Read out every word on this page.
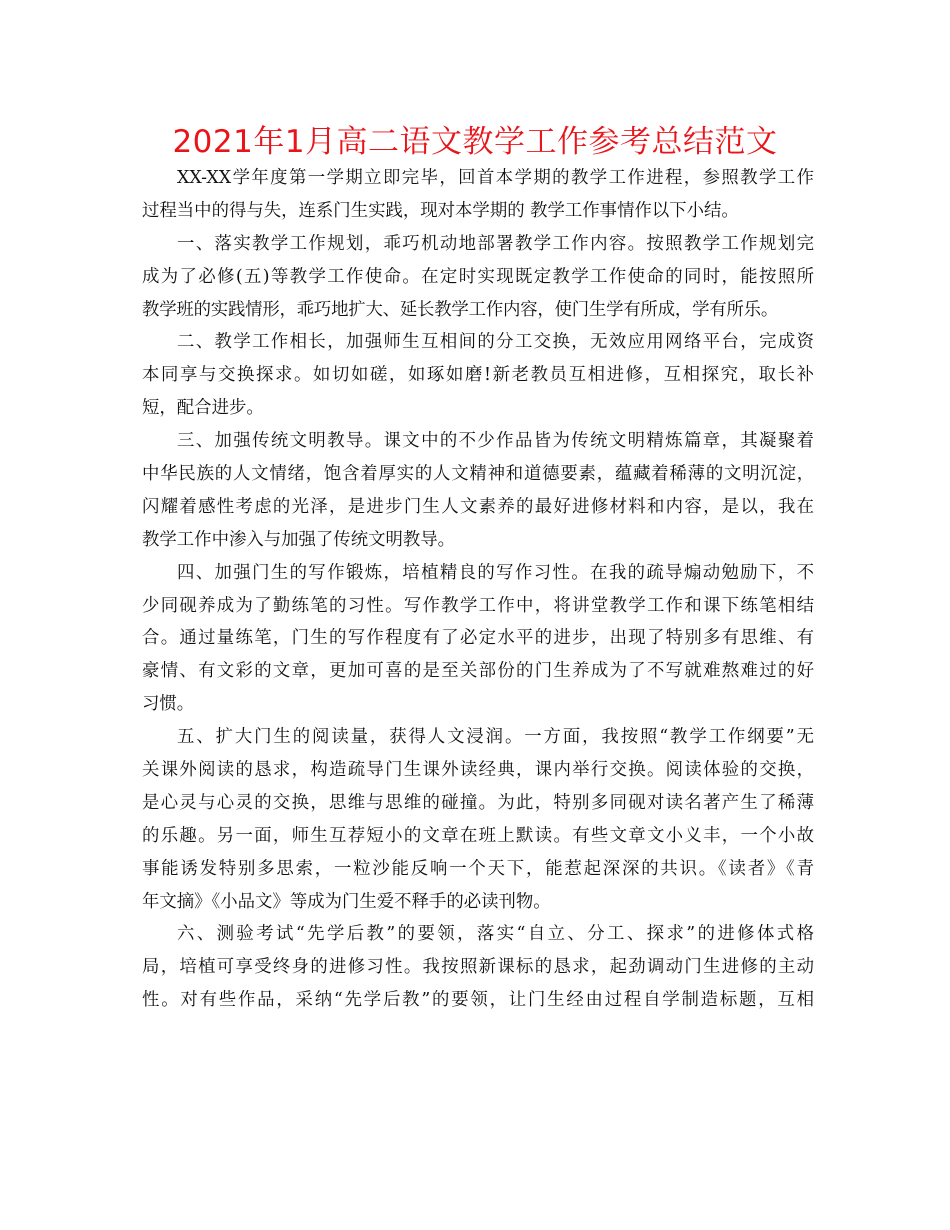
2021年1月高二语文教学工作参考总结范文
XX-XX学年度第一学期立即完毕，回首本学期的教学工作进程，参照教学工作
过程当中的得与失，连系门生实践，现对本学期的 教学工作事情作以下小结。
一、落实教学工作规划，乖巧机动地部署教学工作内容。按照教学工作规划完
成为了必修(五)等教学工作使命。在定时实现既定教学工作使命的同时，能按照所
教学班的实践情形，乖巧地扩大、延长教学工作内容，使门生学有所成，学有所乐。
二、教学工作相长，加强师生互相间的分工交换，无效应用网络平台，完成资
本同享与交换探求。如切如磋，如琢如磨!新老教员互相进修，互相探究，取长补
短，配合进步。
三、加强传统文明教导。课文中的不少作品皆为传统文明精炼篇章，其凝聚着
中华民族的人文情绪，饱含着厚实的人文精神和道德要素，蕴藏着稀薄的文明沉淀，
闪耀着感性考虑的光泽，是进步门生人文素养的最好进修材料和内容，是以，我在
教学工作中渗入与加强了传统文明教导。
四、加强门生的写作锻炼，培植精良的写作习性。在我的疏导煽动勉励下，不
少同砚养成为了勤练笔的习性。写作教学工作中，将讲堂教学工作和课下练笔相结
合。通过量练笔，门生的写作程度有了必定水平的进步，出现了特别多有思维、有
豪情、有文彩的文章，更加可喜的是至关部份的门生养成为了不写就难熬难过的好
习惯。
五、扩大门生的阅读量，获得人文浸润。一方面，我按照“教学工作纲要”无
关课外阅读的恳求，构造疏导门生课外读经典，课内举行交换。阅读体验的交换，
是心灵与心灵的交换，思维与思维的碰撞。为此，特别多同砚对读名著产生了稀薄
的乐趣。另一面，师生互荐短小的文章在班上默读。有些文章文小义丰，一个小故
事能诱发特别多思索，一粒沙能反响一个天下，能惹起深深的共识。《读者》《青
年文摘》《小品文》等成为门生爱不释手的必读刊物。
六、测验考试“先学后教”的要领，落实“自立、分工、探求”的进修体式格
局，培植可享受终身的进修习性。我按照新课标的恳求，起劲调动门生进修的主动
性。对有些作品，采纳“先学后教”的要领，让门生经由过程自学制造标题，互相
